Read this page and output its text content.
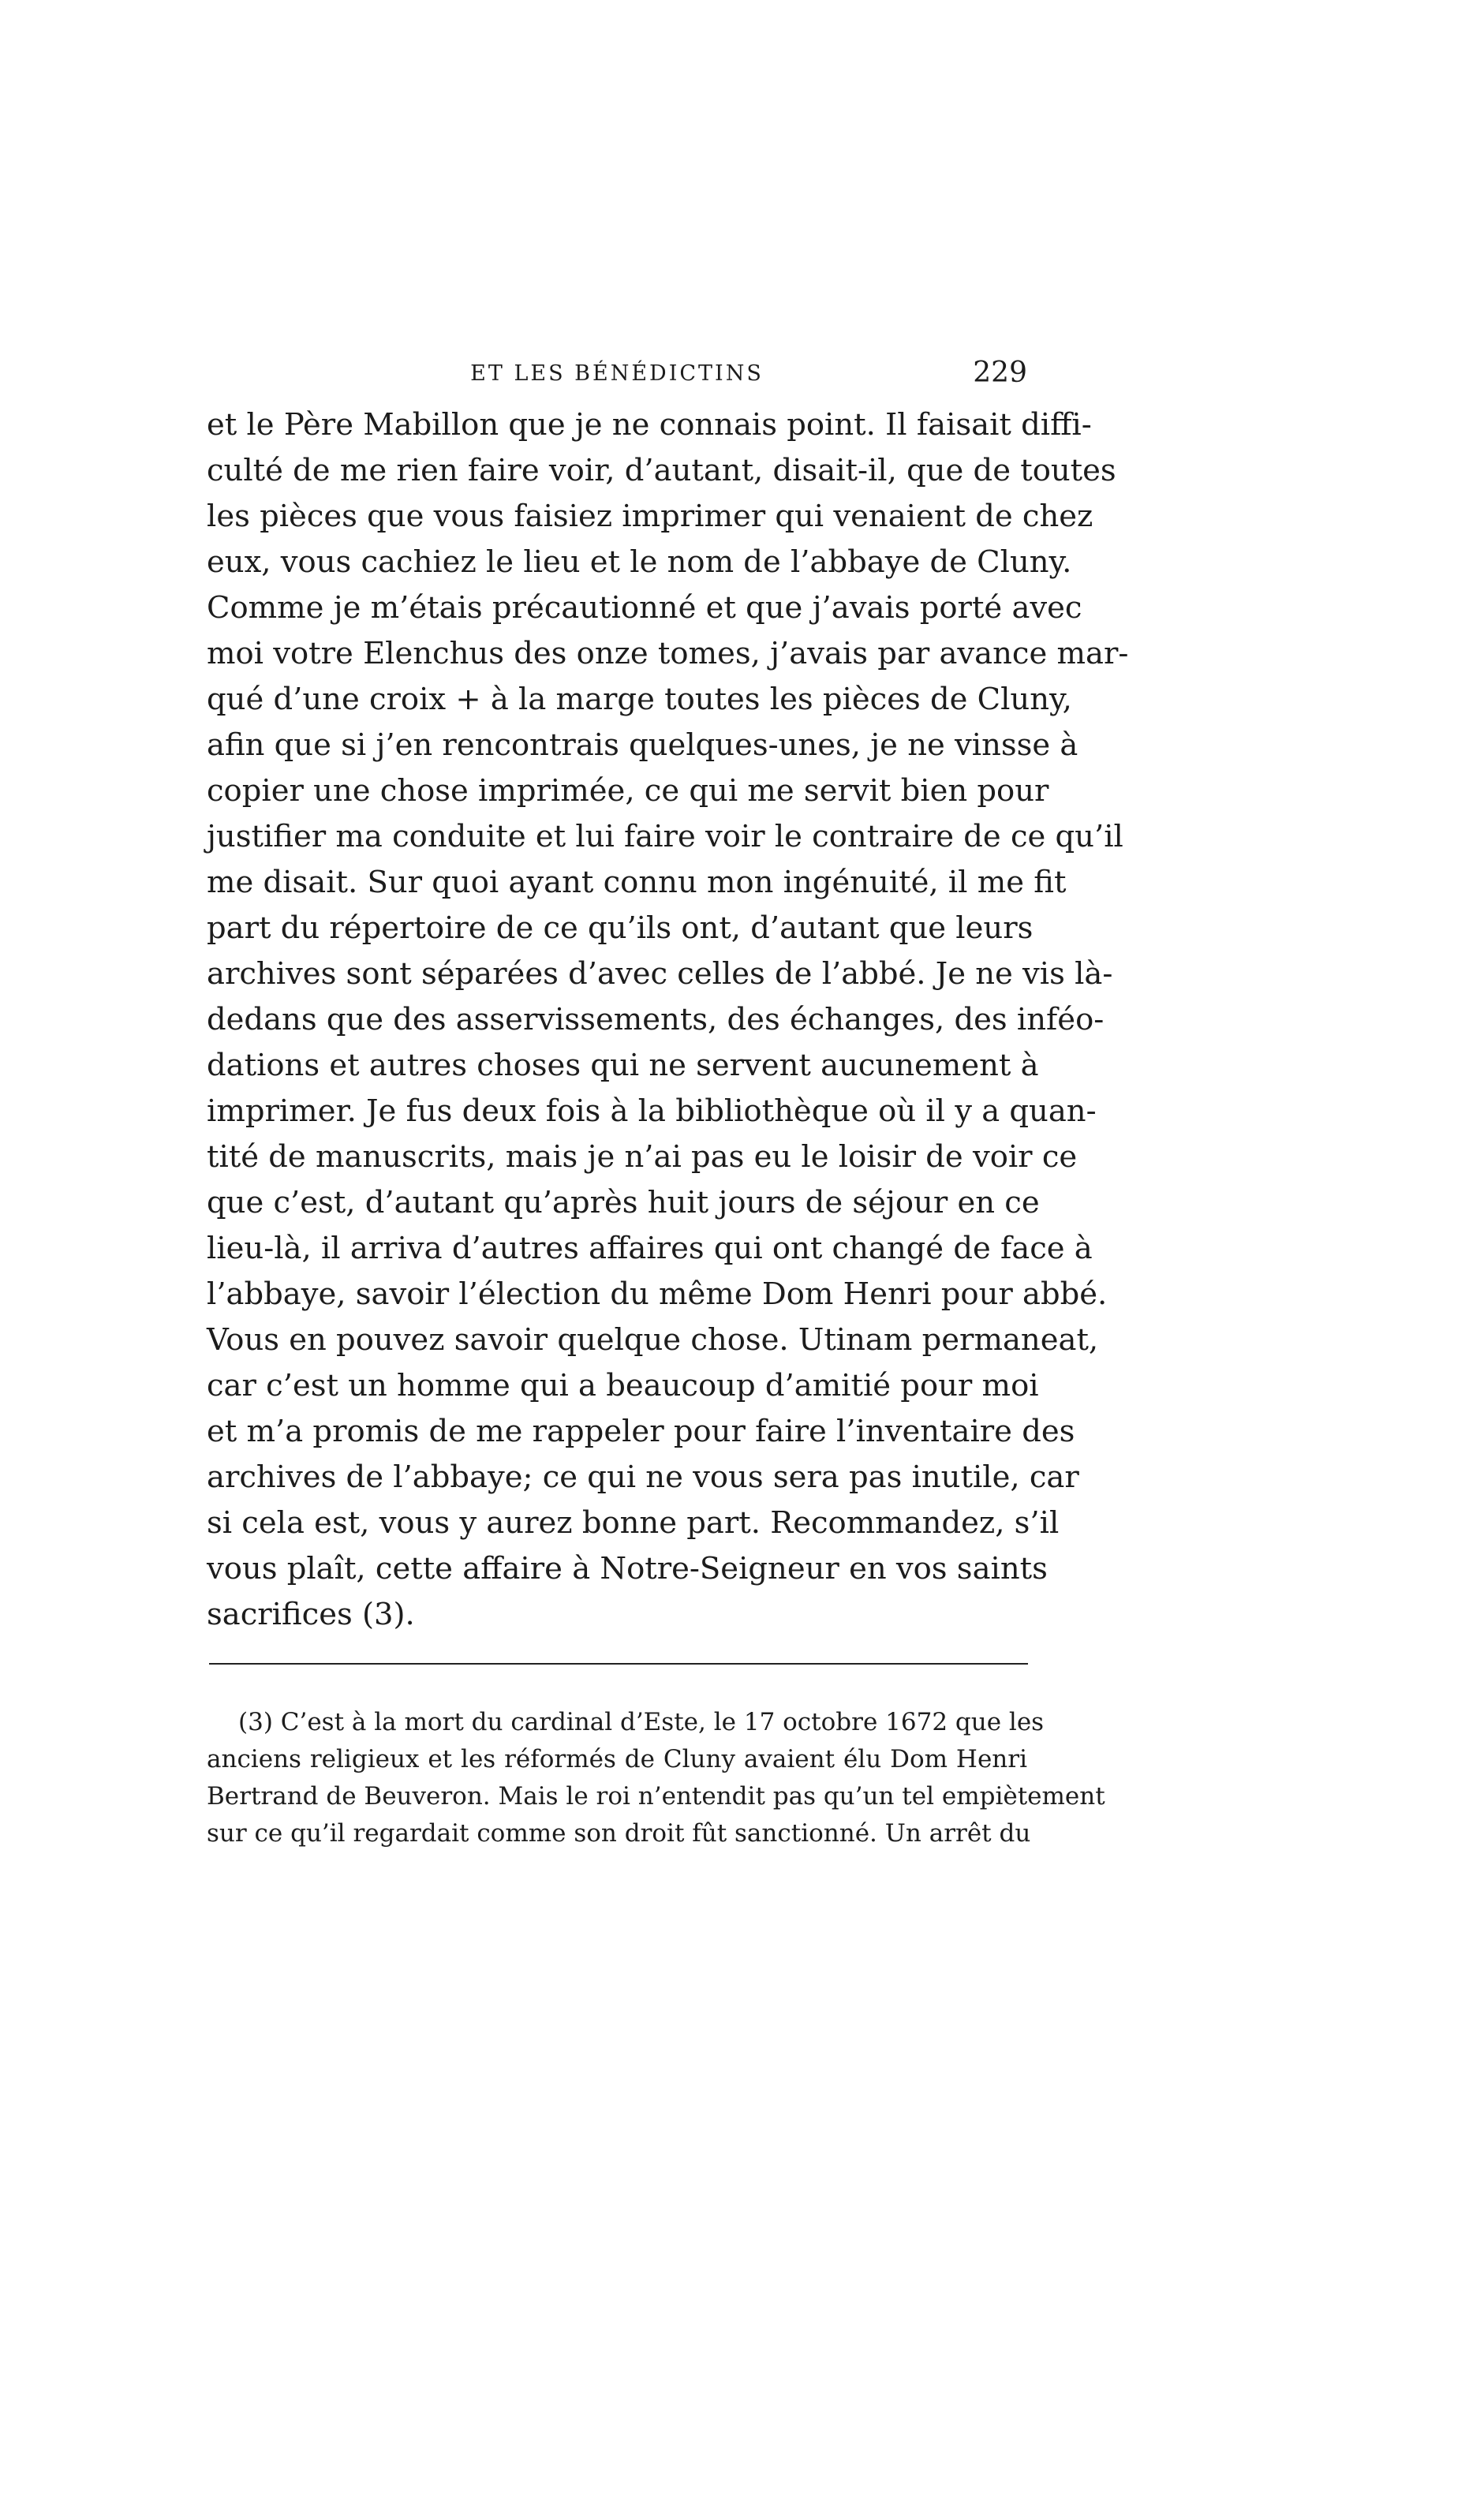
ET LES BÉNÉDICTINS	229
et le Père Mabillon que je ne connais point. Il faisait diffi-
culté de me rien faire voir, d’autant, disait-il, que de toutes
les pièces que vous faisiez imprimer qui venaient de chez
eux, vous cachiez le lieu et le nom de l’abbaye de Cluny.
Comme je m’étais précautionné et que j’avais porté avec
moi votre Elenchus des onze tomes, j’avais par avance mar-
qué d’une croix + à la marge toutes les pièces de Cluny,
afin que si j’en rencontrais quelques-unes, je ne vinsse à
copier une chose imprimée, ce qui me servit bien pour
justifier ma conduite et lui faire voir le contraire de ce qu’il
me disait. Sur quoi ayant connu mon ingénuité, il me fit
part du répertoire de ce qu’ils ont, d’autant que leurs
archives sont séparées d’avec celles de l’abbé. Je ne vis là-
dedans que des asservissements, des échanges, des inféo-
dations et autres choses qui ne servent aucunement à
imprimer. Je fus deux fois à la bibliothèque où il y a quan-
tité de manuscrits, mais je n’ai pas eu le loisir de voir ce
que c’est, d’autant qu’après huit jours de séjour en ce
lieu-là, il arriva d’autres affaires qui ont changé de face à
l’abbaye, savoir l’élection du même Dom Henri pour abbé.
Vous en pouvez savoir quelque chose. Utinam permaneat,
car c’est un homme qui a beaucoup d’amitié pour moi
et m’a promis de me rappeler pour faire l’inventaire des
archives de l’abbaye; ce qui ne vous sera pas inutile, car
si cela est, vous y aurez bonne part. Recommandez, s’il
vous plaît, cette affaire à Notre-Seigneur en vos saints
sacrifices (3).
(3) C’est à la mort du cardinal d’Este, le 17 octobre 1672 que les
anciens religieux et les réformés de Cluny avaient élu Dom Henri
Bertrand de Beuveron. Mais le roi n’entendit pas qu’un tel empiètement
sur ce qu’il regardait comme son droit fût sanctionné. Un arrêt du
